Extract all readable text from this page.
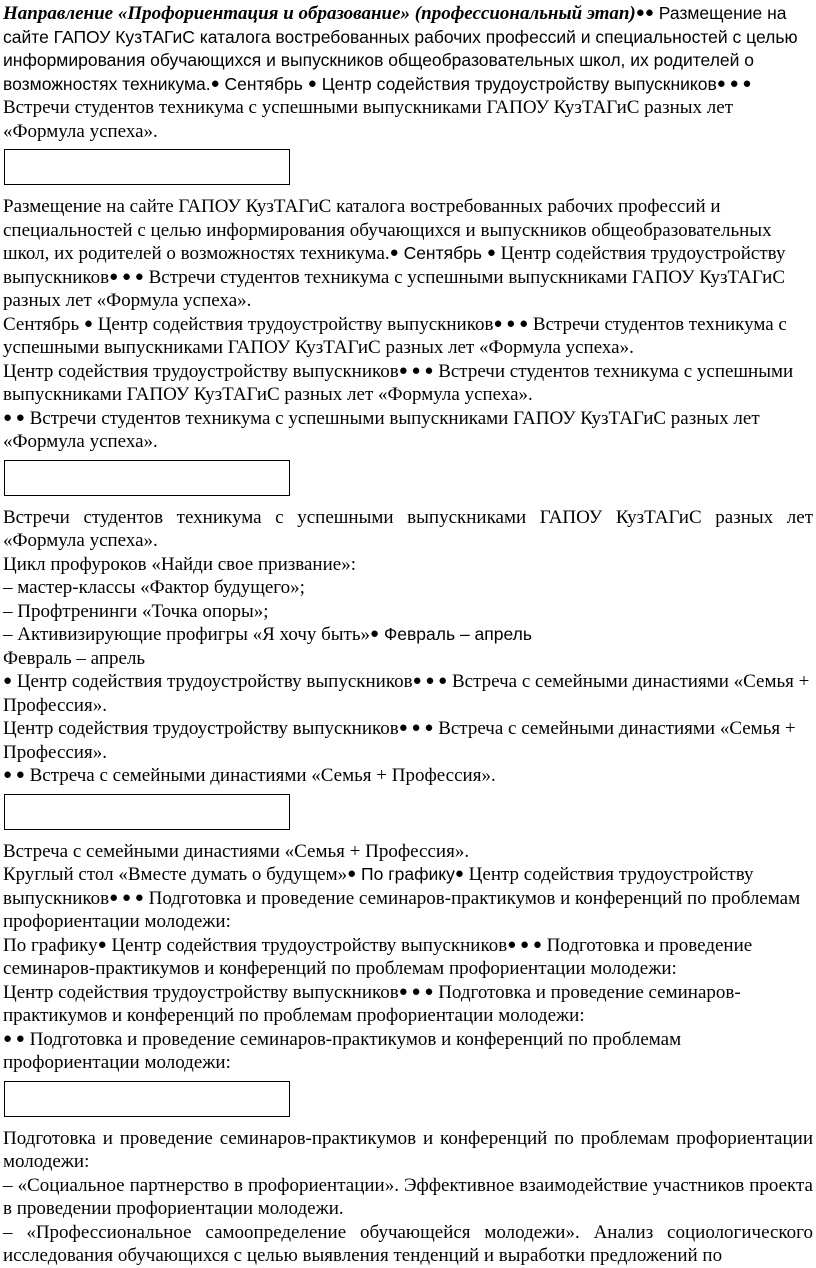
Направление «Профориентация и образование» (профессиональный этап)●● Размещение на сайте ГАПОУ КузТАГиС каталога востребованных рабочих профессий и специальностей с целью информирования обучающихся и выпускников общеобразовательных школ, их родителей о возможностях техникума.● Сентябрь ● Центр содействия трудоустройству выпускников● ● ● Встречи студентов техникума с успешными выпускниками ГАПОУ КузТАГиС разных лет «Формула успеха».

Размещение на сайте ГАПОУ КузТАГиС каталога востребованных рабочих профессий и специальностей с целью информирования обучающихся и выпускников общеобразовательных школ, их родителей о возможностях техникума.● Сентябрь ● Центр содействия трудоустройству выпускников● ● ● Встречи студентов техникума с успешными выпускниками ГАПОУ КузТАГиС разных лет «Формула успеха».

Сентябрь ● Центр содействия трудоустройству выпускников● ● ● Встречи студентов техникума с успешными выпускниками ГАПОУ КузТАГиС разных лет «Формула успеха».

Центр содействия трудоустройству выпускников● ● ● Встречи студентов техникума с успешными выпускниками ГАПОУ КузТАГиС разных лет «Формула успеха».

● ● Встречи студентов техникума с успешными выпускниками ГАПОУ КузТАГиС разных лет «Формула успеха».

Встречи студентов техникума с успешными выпускниками ГАПОУ КузТАГиС разных лет «Формула успеха».

Цикл профуроков «Найди свое призвание»:

– мастер-классы «Фактор будущего»;

– Профтренинги «Точка опоры»;

– Активизирующие профигры «Я хочу быть»● Февраль – апрель

Февраль – апрель

● Центр содействия трудоустройству выпускников● ● ● Встреча с семейными династиями «Семья + Профессия».

Центр содействия трудоустройству выпускников● ● ● Встреча с семейными династиями «Семья + Профессия».

● ● Встреча с семейными династиями «Семья + Профессия».

Встреча с семейными династиями «Семья + Профессия».

Круглый стол «Вместе думать о будущем»● По графику● Центр содействия трудоустройству выпускников● ● ● Подготовка и проведение семинаров-практикумов и конференций по проблемам профориентации молодежи:

По графику● Центр содействия трудоустройству выпускников● ● ● Подготовка и проведение семинаров-практикумов и конференций по проблемам профориентации молодежи:

Центр содействия трудоустройству выпускников● ● ● Подготовка и проведение семинаров-практикумов и конференций по проблемам профориентации молодежи:

● ● Подготовка и проведение семинаров-практикумов и конференций по проблемам профориентации молодежи:

Подготовка и проведение семинаров-практикумов и конференций по проблемам профориентации молодежи:

– «Социальное партнерство в профориентации». Эффективное взаимодействие участников проекта в проведении профориентации молодежи.

– «Профессиональное самоопределение обучающейся молодежи». Анализ социологического исследования обучающихся с целью выявления тенденций и выработки предложений по
